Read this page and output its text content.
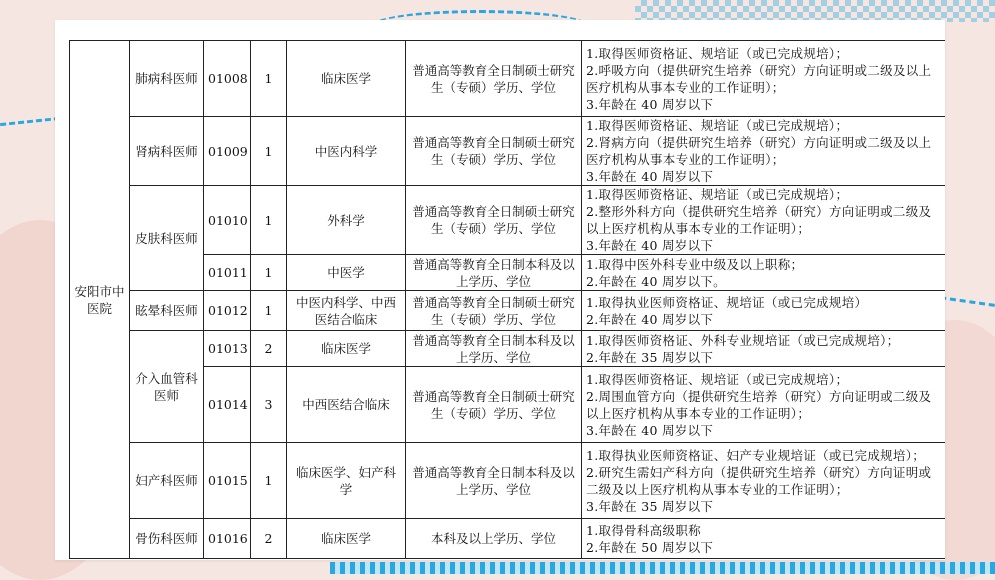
安阳市中医院	肺病科医师	01008	1	临床医学	普通高等教育全日制硕士研究生（专硕）学历、学位	1.取得医师资格证、规培证（或已完成规培）；
2.呼吸方向（提供研究生培养（研究）方向证明或二级及以上医疗机构从事本专业的工作证明）；
3.年龄在 40 周岁以下

	肾病科医师	01009	1	中医内科学	普通高等教育全日制硕士研究生（专硕）学历、学位	1.取得医师资格证、规培证（或已完成规培）；
2.肾病方向（提供研究生培养（研究）方向证明或二级及以上医疗机构从事本专业的工作证明）；
3.年龄在 40 周岁以下

	皮肤科医师	01010	1	外科学	普通高等教育全日制硕士研究生（专硕）学历、学位	1.取得医师资格证、规培证（或已完成规培）；
2.整形外科方向（提供研究生培养（研究）方向证明或二级及以上医疗机构从事本专业的工作证明）；
3.年龄在 40 周岁以下

		01011	1	中医学	普通高等教育全日制本科及以上学历、学位	1.取得中医外科专业中级及以上职称；
2.年龄在 40 周岁以下。

	眩晕科医师	01012	1	中医内科学、中西医结合临床	普通高等教育全日制硕士研究生（专硕）学历、学位	1.取得执业医师资格证、规培证（或已完成规培）
2.年龄在 40 周岁以下

	介入血管科医师	01013	2	临床医学	普通高等教育全日制本科及以上学历、学位	1.取得医师资格证、外科专业规培证（或已完成规培）；
2.年龄在 35 周岁以下

		01014	3	中西医结合临床	普通高等教育全日制硕士研究生（专硕）学历、学位	1.取得医师资格证、规培证（或已完成规培）；
2.周围血管方向（提供研究生培养（研究）方向证明或二级及以上医疗机构从事本专业的工作证明）；
3.年龄在 40 周岁以下

	妇产科医师	01015	1	临床医学、妇产科学	普通高等教育全日制本科及以上学历、学位	1.取得执业医师资格证、妇产专业规培证（或已完成规培）；
2.研究生需妇产科方向（提供研究生培养（研究）方向证明或二级及以上医疗机构从事本专业的工作证明）；
3.年龄在 35 周岁以下

	骨伤科医师	01016	2	临床医学	本科及以上学历、学位	1.取得骨科高级职称
2.年龄在 50 周岁以下
